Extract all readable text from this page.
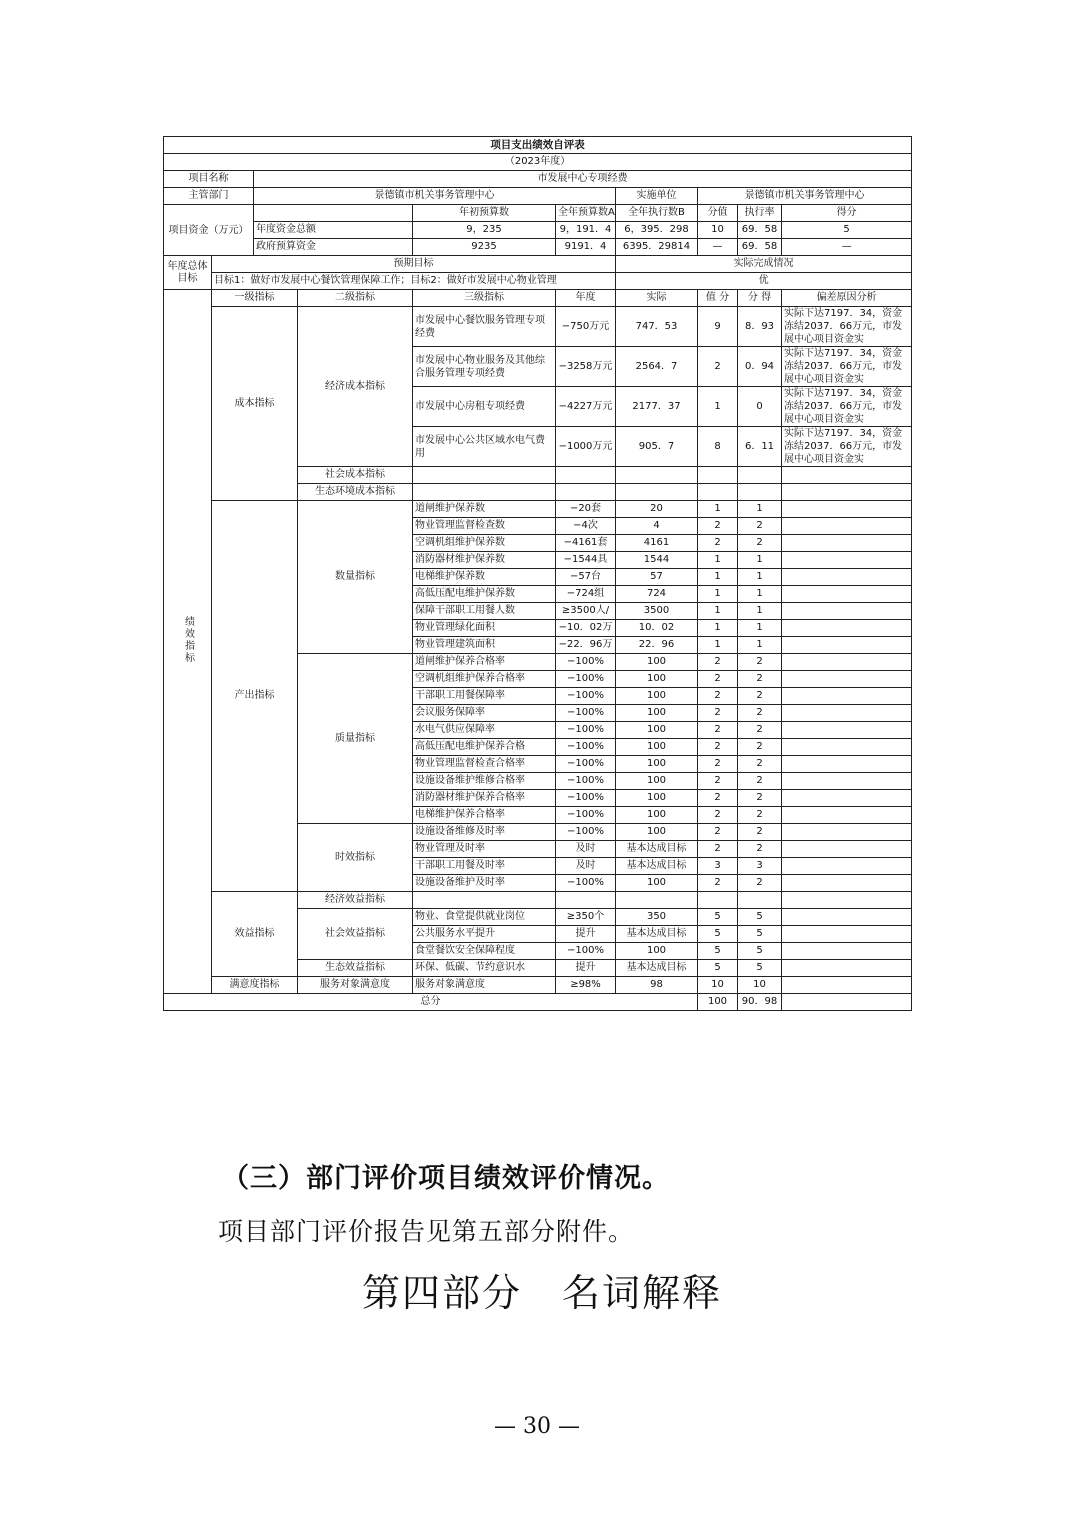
项目支出绩效自评表									
（2023年度）									
项目名称		市发展中心专项经费							
主管部门		景德镇市机关事务管理中心				实施单位	景德镇市机关事务管理中心		
项目资金（万元）				年初预算数	全年预算数A	全年执行数B	分值	执行率	得分
		年度资金总额		9，235	9，191．4	6，395．298	10	69．58	5
		政府预算资金		9235	9191．4	6395．29814	—	69．58	—
年度总体目标	预期目标					实际完成情况			
	目标1：做好市发展中心餐饮管理保障工作；目标2：做好市发展中心物业管理					优			
绩效指标	一级指标		二级指标	三级指标	年度	实际	值 分	分 得	偏差原因分析
	成本指标		经济成本指标	市发展中心餐饮服务管理专项经费	−750万元	747．53	9	8．93	实际下达7197．34，资金冻结2037．66万元，市发展中心项目资金实
				市发展中心物业服务及其他综合服务管理专项经费	−3258万元	2564．7	2	0．94	实际下达7197．34，资金冻结2037．66万元，市发展中心项目资金实
				市发展中心房租专项经费	−4227万元	2177．37	1	0	实际下达7197．34，资金冻结2037．66万元，市发展中心项目资金实
				市发展中心公共区域水电气费用	−1000万元	905．7	8	6．11	实际下达7197．34，资金冻结2037．66万元，市发展中心项目资金实
			社会成本指标						
			生态环境成本指标						
	产出指标		数量指标	道闸维护保养数	−20套	20	1	1	
				物业管理监督检查数	−4次	4	2	2	
				空调机组维护保养数	−4161套	4161	2	2	
				消防器材维护保养数	−1544具	1544	1	1	
				电梯维护保养数	−57台	57	1	1	
				高低压配电维护保养数	−724组	724	1	1	
				保障干部职工用餐人数	≥3500人/	3500	1	1	
				物业管理绿化面积	−10．02万	10．02	1	1	
				物业管理建筑面积	−22．96万	22．96	1	1	
			质量指标	道闸维护保养合格率	−100%	100	2	2	
				空调机组维护保养合格率	−100%	100	2	2	
				干部职工用餐保障率	−100%	100	2	2	
				会议服务保障率	−100%	100	2	2	
				水电气供应保障率	−100%	100	2	2	
				高低压配电维护保养合格	−100%	100	2	2	
				物业管理监督检查合格率	−100%	100	2	2	
				设施设备维护维修合格率	−100%	100	2	2	
				消防器材维护保养合格率	−100%	100	2	2	
				电梯维护保养合格率	−100%	100	2	2	
			时效指标	设施设备维修及时率	−100%	100	2	2	
				物业管理及时率	及时	基本达成目标	2	2	
				干部职工用餐及时率	及时	基本达成目标	3	3	
				设施设备维护及时率	−100%	100	2	2	
	效益指标		经济效益指标						
			社会效益指标	物业、食堂提供就业岗位	≥350个	350	5	5	
				公共服务水平提升	提升	基本达成目标	5	5	
				食堂餐饮安全保障程度	−100%	100	5	5	
			生态效益指标	环保、低碳、节约意识水	提升	基本达成目标	5	5	
	满意度指标		服务对象满意度	服务对象满意度	≥98%	98	10	10	
总分							100	90．98	
（三）部门评价项目绩效评价情况。
项目部门评价报告见第五部分附件。
第四部分 名词解释
— 30 —
